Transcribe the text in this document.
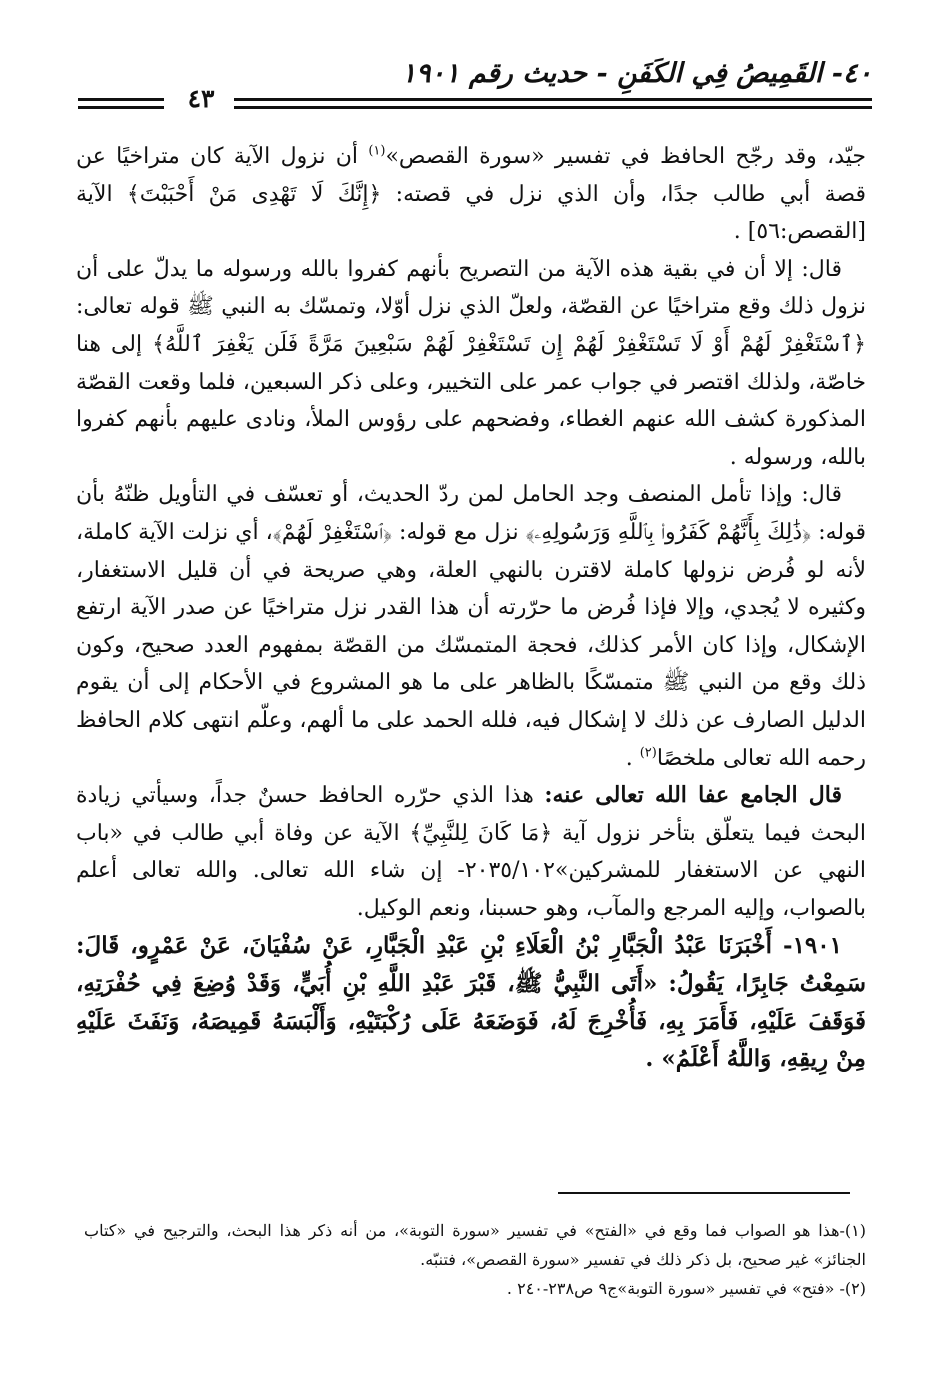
٤٠- القَمِيصُ فِي الكَفَنِ - حديث رقم ١٩٠١
٤٣

جيّد، وقد رجّح الحافظ في تفسير «سورة القصص»$^{(١)}$ أن نزول الآية كان متراخيًا عن قصة أبي طالب جدًا، وأن الذي نزل في قصته: ﴿إِنَّكَ لَا تَهْدِى مَنْ أَحْبَبْتَ﴾ الآية [القصص:٥٦] .

قال: إلا أن في بقية هذه الآية من التصريح بأنهم كفروا بالله ورسوله ما يدلّ على أن نزول ذلك وقع متراخيًا عن القصّة، ولعلّ الذي نزل أوّلا، وتمسّك به النبي ﷺ قوله تعالى: ﴿ٱسْتَغْفِرْ لَهُمْ أَوْ لَا تَسْتَغْفِرْ لَهُمْ إِن تَسْتَغْفِرْ لَهُمْ سَبْعِينَ مَرَّةً فَلَن يَغْفِرَ ٱللَّهُ﴾ إلى هنا خاصّة، ولذلك اقتصر في جواب عمر على التخيير، وعلى ذكر السبعين، فلما وقعت القصّة المذكورة كشف الله عنهم الغطاء، وفضحهم على رؤوس الملأ، ونادى عليهم بأنهم كفروا بالله، ورسوله .

قال: وإذا تأمل المنصف وجد الحامل لمن ردّ الحديث، أو تعسّف في التأويل ظنّهُ بأن قوله: ﴿ذَٰلِكَ بِأَنَّهُمْ كَفَرُوا۟ بِٱللَّهِ وَرَسُولِهِۦ﴾ نزل مع قوله: ﴿ٱسْتَغْفِرْ لَهُمْ﴾، أي نزلت الآية كاملة، لأنه لو فُرض نزولها كاملة لاقترن بالنهي العلة، وهي صريحة في أن قليل الاستغفار، وكثيره لا يُجدي، وإلا فإذا فُرض ما حرّرته أن هذا القدر نزل متراخيًا عن صدر الآية ارتفع الإشكال، وإذا كان الأمر كذلك، فحجة المتمسّك من القصّة بمفهوم العدد صحيح، وكون ذلك وقع من النبي ﷺ متمسّكًا بالظاهر على ما هو المشروع في الأحكام إلى أن يقوم الدليل الصارف عن ذلك لا إشكال فيه، فلله الحمد على ما ألهم، وعلّم انتهى كلام الحافظ رحمه الله تعالى ملخصًا$^{(٢)}$ .

قال الجامع عفا الله تعالى عنه: هذا الذي حرّره الحافظ حسنٌ جداً، وسيأتي زيادة البحث فيما يتعلّق بتأخر نزول آية ﴿مَا كَانَ لِلنَّبِيِّ﴾ الآية عن وفاة أبي طالب في «باب النهي عن الاستغفار للمشركين»٢٠٣٥/١٠٢- إن شاء الله تعالى. والله تعالى أعلم بالصواب، وإليه المرجع والمآب، وهو حسبنا، ونعم الوكيل.

١٩٠١- أَخْبَرَنَا عَبْدُ الْجَبَّارِ بْنُ الْعَلَاءِ بْنِ عَبْدِ الْجَبَّارِ، عَنْ سُفْيَانَ، عَنْ عَمْرٍو، قَالَ: سَمِعْتُ جَابِرًا، يَقُولُ: «أَتَى النَّبِيُّ ﷺ، قَبْرَ عَبْدِ اللَّهِ بْنِ أُبَيٍّ، وَقَدْ وُضِعَ فِي حُفْرَتِهِ، فَوَقَفَ عَلَيْهِ، فَأَمَرَ بِهِ، فَأُخْرِجَ لَهُ، فَوَضَعَهُ عَلَى رُكْبَتَيْهِ، وَأَلْبَسَهُ قَمِيصَهُ، وَنَفَثَ عَلَيْهِ مِنْ رِيقِهِ، وَاللَّهُ أَعْلَمُ» .

(١)-هذا هو الصواب فما وقع في «الفتح» في تفسير «سورة التوبة»، من أنه ذكر هذا البحث، والترجيح في «كتاب الجنائز» غير صحيح، بل ذكر ذلك في تفسير «سورة القصص»، فتنبّه.

(٢)- «فتح» في تفسير «سورة التوبة»ج٩ ص٢٣٨-٢٤٠ .
